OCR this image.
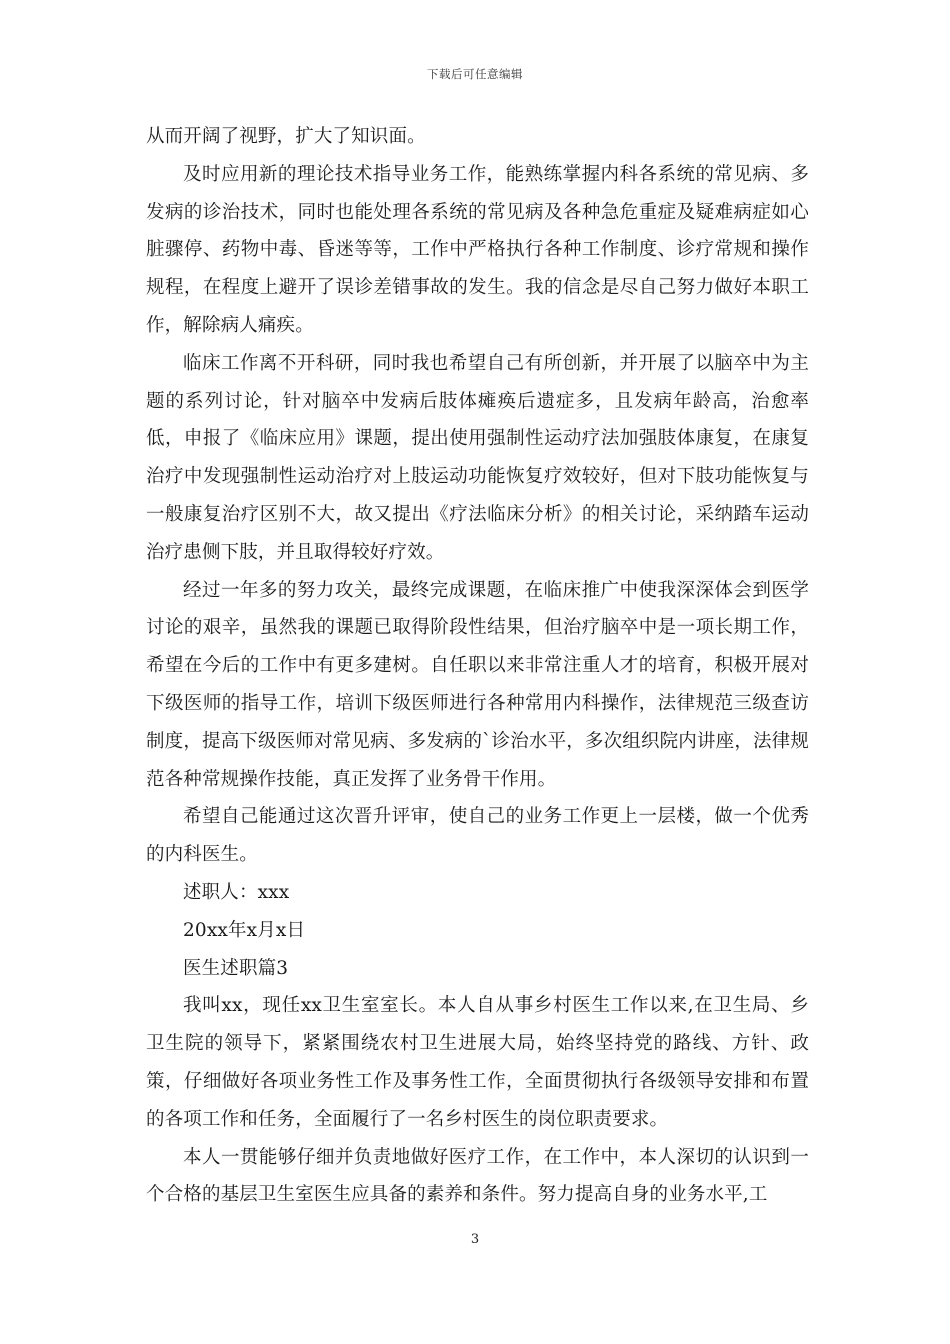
下载后可任意编辑

从而开阔了视野，扩大了知识面。

及时应用新的理论技术指导业务工作，能熟练掌握内科各系统的常见病、多发病的诊治技术，同时也能处理各系统的常见病及各种急危重症及疑难病症如心脏骤停、药物中毒、昏迷等等，工作中严格执行各种工作制度、诊疗常规和操作规程，在程度上避开了误诊差错事故的发生。我的信念是尽自己努力做好本职工作，解除病人痛疾。

临床工作离不开科研，同时我也希望自己有所创新，并开展了以脑卒中为主题的系列讨论，针对脑卒中发病后肢体瘫痪后遗症多，且发病年龄高，治愈率低，申报了《临床应用》课题，提出使用强制性运动疗法加强肢体康复，在康复治疗中发现强制性运动治疗对上肢运动功能恢复疗效较好，但对下肢功能恢复与一般康复治疗区别不大，故又提出《疗法临床分析》的相关讨论，采纳踏车运动治疗患侧下肢，并且取得较好疗效。

经过一年多的努力攻关，最终完成课题，在临床推广中使我深深体会到医学讨论的艰辛，虽然我的课题已取得阶段性结果，但治疗脑卒中是一项长期工作，希望在今后的工作中有更多建树。自任职以来非常注重人才的培育，积极开展对下级医师的指导工作，培训下级医师进行各种常用内科操作，法律规范三级查访制度，提高下级医师对常见病、多发病的`诊治水平，多次组织院内讲座，法律规范各种常规操作技能，真正发挥了业务骨干作用。

希望自己能通过这次晋升评审，使自己的业务工作更上一层楼，做一个优秀的内科医生。

述职人：xxx

20xx年x月x日

医生述职篇3

我叫xx，现任xx卫生室室长。本人自从事乡村医生工作以来,在卫生局、乡卫生院的领导下，紧紧围绕农村卫生进展大局，始终坚持党的路线、方针、政策，仔细做好各项业务性工作及事务性工作，全面贯彻执行各级领导安排和布置的各项工作和任务，全面履行了一名乡村医生的岗位职责要求。

本人一贯能够仔细并负责地做好医疗工作，在工作中，本人深切的认识到一个合格的基层卫生室医生应具备的素养和条件。努力提高自身的业务水平,工

3
